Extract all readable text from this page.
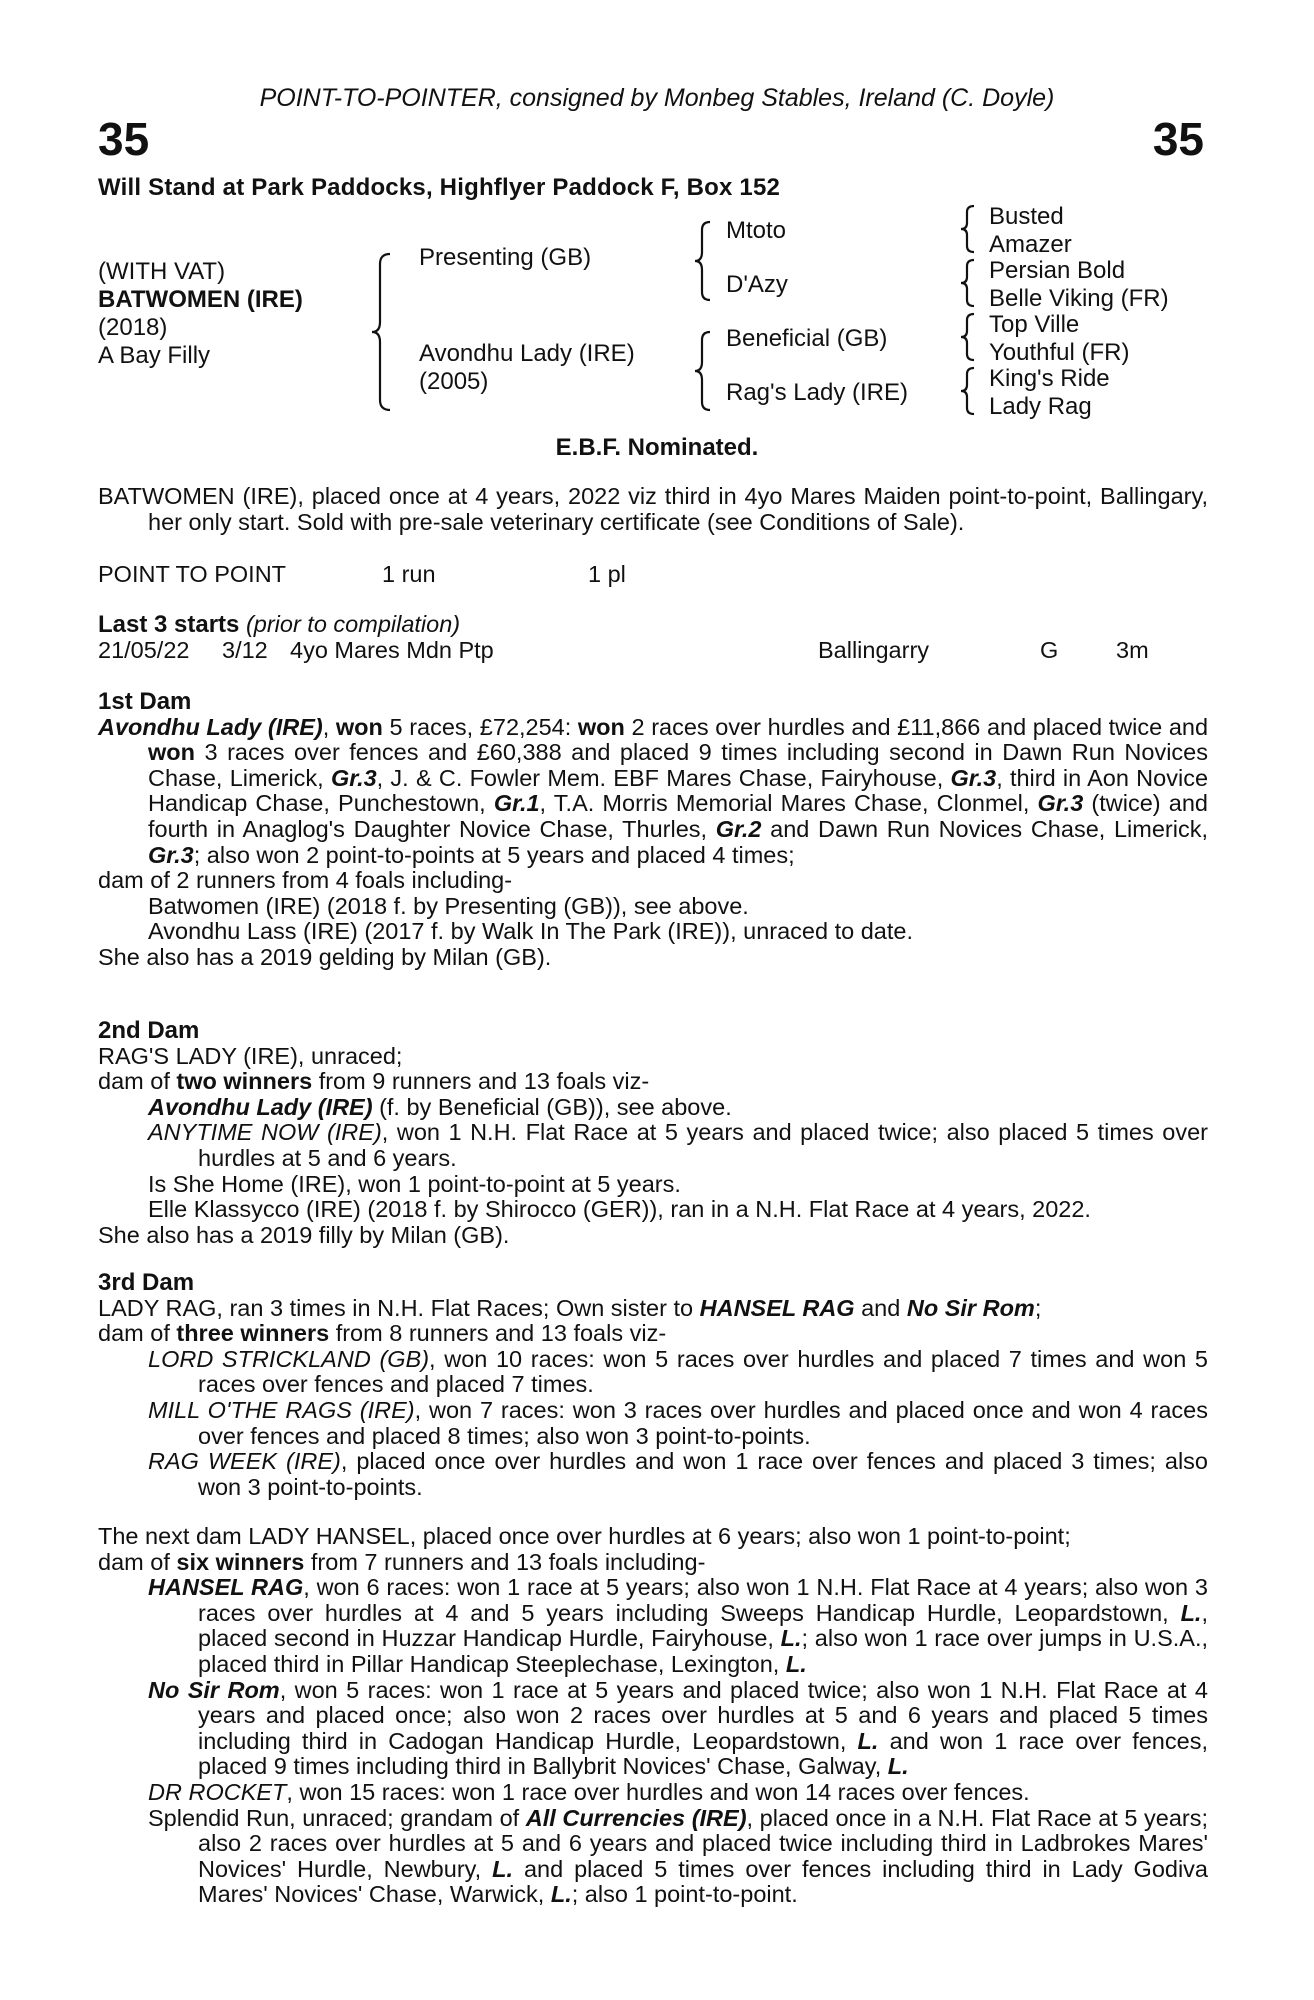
POINT-TO-POINTER, consigned by Monbeg Stables, Ireland (C. Doyle)
35	35
Will Stand at Park Paddocks, Highflyer Paddock F, Box 152
(WITH VAT)
BATWOMEN (IRE)
(2018)
A Bay Filly
Presenting (GB)
Avondhu Lady (IRE)
(2005)
Mtoto
D'Azy
Beneficial (GB)
Rag's Lady (IRE)
Busted
Amazer
Persian Bold
Belle Viking (FR)
Top Ville
Youthful (FR)
King's Ride
Lady Rag
E.B.F. Nominated.

BATWOMEN (IRE), placed once at 4 years, 2022 viz third in 4yo Mares Maiden point-to-point, Ballingary, her only start. Sold with pre-sale veterinary certificate (see Conditions of Sale).

POINT TO POINT	1 run	1 pl
Last 3 starts (prior to compilation)
21/05/22 3/12 4yo Mares Mdn Ptp	Ballingarry	G 3m
1st Dam

Avondhu Lady (IRE), won 5 races, £72,254: won 2 races over hurdles and £11,866 and placed twice and won 3 races over fences and £60,388 and placed 9 times including second in Dawn Run Novices Chase, Limerick, Gr.3, J. & C. Fowler Mem. EBF Mares Chase, Fairyhouse, Gr.3, third in Aon Novice Handicap Chase, Punchestown, Gr.1, T.A. Morris Memorial Mares Chase, Clonmel, Gr.3 (twice) and fourth in Anaglog's Daughter Novice Chase, Thurles, Gr.2 and Dawn Run Novices Chase, Limerick, Gr.3; also won 2 point-to-points at 5 years and placed 4 times;

dam of 2 runners from 4 foals including-

Batwomen (IRE) (2018 f. by Presenting (GB)), see above.

Avondhu Lass (IRE) (2017 f. by Walk In The Park (IRE)), unraced to date.

She also has a 2019 gelding by Milan (GB).

2nd Dam

RAG'S LADY (IRE), unraced;

dam of two winners from 9 runners and 13 foals viz-

Avondhu Lady (IRE) (f. by Beneficial (GB)), see above.

ANYTIME NOW (IRE), won 1 N.H. Flat Race at 5 years and placed twice; also placed 5 times over hurdles at 5 and 6 years.

Is She Home (IRE), won 1 point-to-point at 5 years.

Elle Klassycco (IRE) (2018 f. by Shirocco (GER)), ran in a N.H. Flat Race at 4 years, 2022.

She also has a 2019 filly by Milan (GB).

3rd Dam

LADY RAG, ran 3 times in N.H. Flat Races; Own sister to HANSEL RAG and No Sir Rom;

dam of three winners from 8 runners and 13 foals viz-

LORD STRICKLAND (GB), won 10 races: won 5 races over hurdles and placed 7 times and won 5 races over fences and placed 7 times.

MILL O'THE RAGS (IRE), won 7 races: won 3 races over hurdles and placed once and won 4 races over fences and placed 8 times; also won 3 point-to-points.

RAG WEEK (IRE), placed once over hurdles and won 1 race over fences and placed 3 times; also won 3 point-to-points.

The next dam LADY HANSEL, placed once over hurdles at 6 years; also won 1 point-to-point;

dam of six winners from 7 runners and 13 foals including-

HANSEL RAG, won 6 races: won 1 race at 5 years; also won 1 N.H. Flat Race at 4 years; also won 3 races over hurdles at 4 and 5 years including Sweeps Handicap Hurdle, Leopardstown, L., placed second in Huzzar Handicap Hurdle, Fairyhouse, L.; also won 1 race over jumps in U.S.A., placed third in Pillar Handicap Steeplechase, Lexington, L.

No Sir Rom, won 5 races: won 1 race at 5 years and placed twice; also won 1 N.H. Flat Race at 4 years and placed once; also won 2 races over hurdles at 5 and 6 years and placed 5 times including third in Cadogan Handicap Hurdle, Leopardstown, L. and won 1 race over fences, placed 9 times including third in Ballybrit Novices' Chase, Galway, L.

DR ROCKET, won 15 races: won 1 race over hurdles and won 14 races over fences.

Splendid Run, unraced; grandam of All Currencies (IRE), placed once in a N.H. Flat Race at 5 years; also 2 races over hurdles at 5 and 6 years and placed twice including third in Ladbrokes Mares' Novices' Hurdle, Newbury, L. and placed 5 times over fences including third in Lady Godiva Mares' Novices' Chase, Warwick, L.; also 1 point-to-point.
